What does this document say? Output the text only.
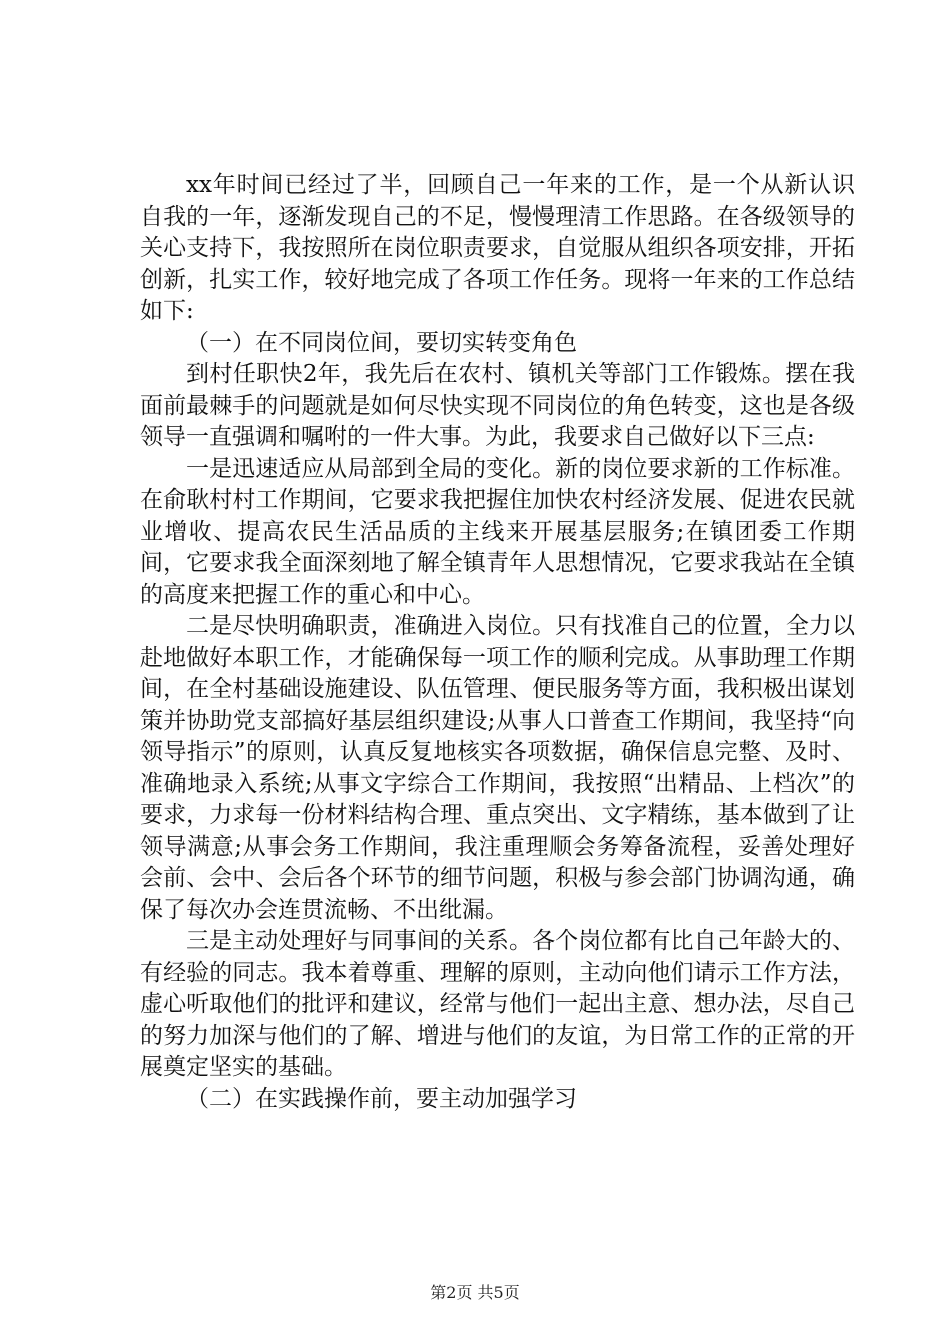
xx年时间已经过了半，回顾自己一年来的工作，是一个从新认识自我的一年，逐渐发现自己的不足，慢慢理清工作思路。在各级领导的关心支持下，我按照所在岗位职责要求，自觉服从组织各项安排，开拓创新，扎实工作，较好地完成了各项工作任务。现将一年来的工作总结如下:

（一）在不同岗位间，要切实转变角色

到村任职快2年，我先后在农村、镇机关等部门工作锻炼。摆在我面前最棘手的问题就是如何尽快实现不同岗位的角色转变，这也是各级领导一直强调和嘱咐的一件大事。为此，我要求自己做好以下三点:

一是迅速适应从局部到全局的变化。新的岗位要求新的工作标准。在俞耿村村工作期间，它要求我把握住加快农村经济发展、促进农民就业增收、提高农民生活品质的主线来开展基层服务;在镇团委工作期间，它要求我全面深刻地了解全镇青年人思想情况，它要求我站在全镇的高度来把握工作的重心和中心。

二是尽快明确职责，准确进入岗位。只有找准自己的位置，全力以赴地做好本职工作，才能确保每一项工作的顺利完成。从事助理工作期间，在全村基础设施建设、队伍管理、便民服务等方面，我积极出谋划策并协助党支部搞好基层组织建设;从事人口普查工作期间，我坚持“向领导指示”的原则，认真反复地核实各项数据，确保信息完整、及时、准确地录入系统;从事文字综合工作期间，我按照“出精品、上档次”的要求，力求每一份材料结构合理、重点突出、文字精练，基本做到了让领导满意;从事会务工作期间，我注重理顺会务筹备流程，妥善处理好会前、会中、会后各个环节的细节问题，积极与参会部门协调沟通，确保了每次办会连贯流畅、不出纰漏。

三是主动处理好与同事间的关系。各个岗位都有比自己年龄大的、有经验的同志。我本着尊重、理解的原则，主动向他们请示工作方法，虚心听取他们的批评和建议，经常与他们一起出主意、想办法，尽自己的努力加深与他们的了解、增进与他们的友谊，为日常工作的正常的开展奠定坚实的基础。

（二）在实践操作前，要主动加强学习

第2页 共5页
